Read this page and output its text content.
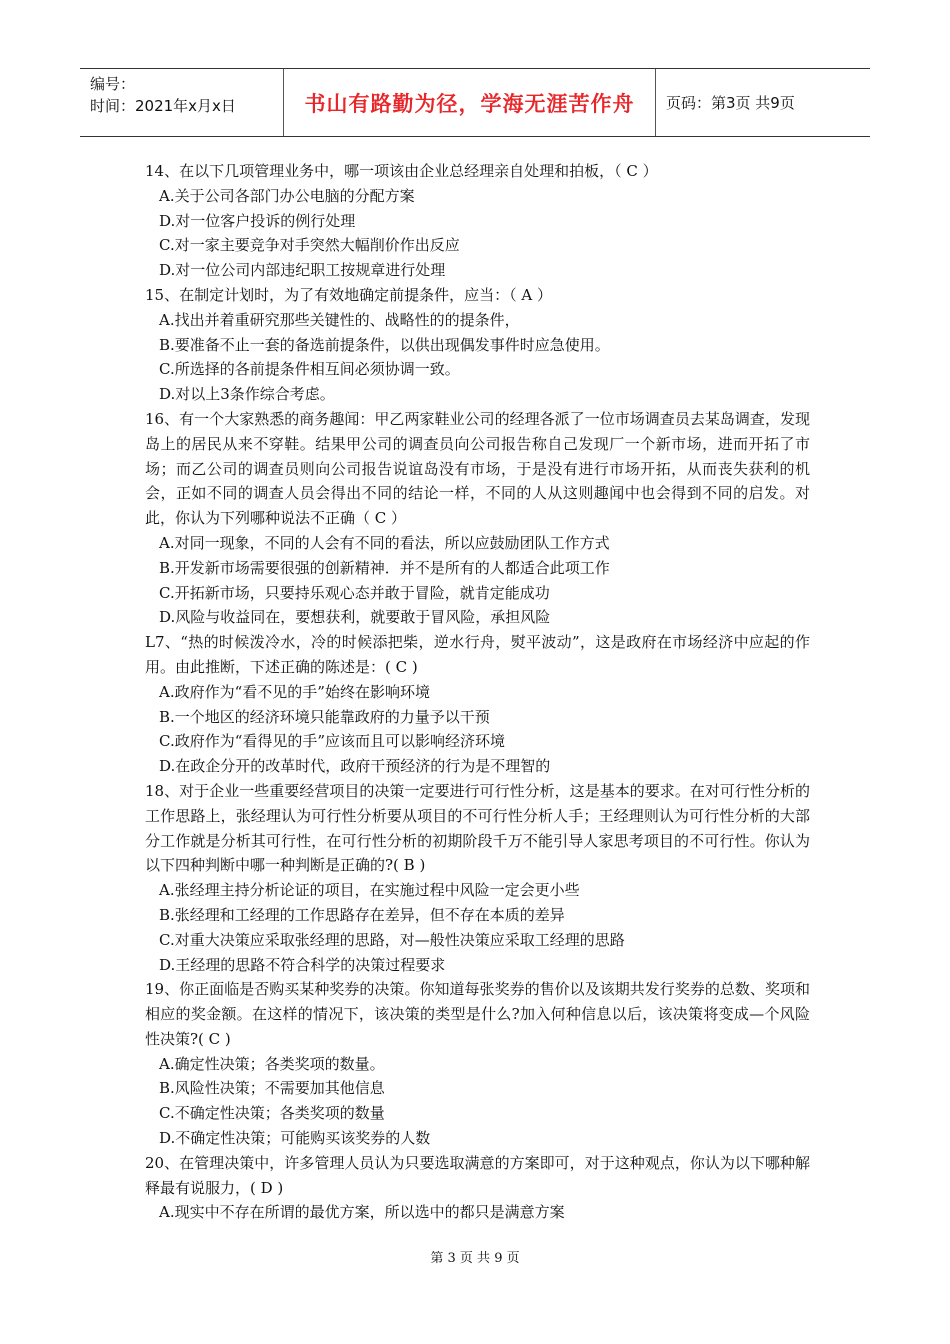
编号：
时间：2021年x月x日	书山有路勤为径，学海无涯苦作舟	页码：第3页 共9页

14、在以下几项管理业务中，哪一项该由企业总经理亲自处理和拍板，（ C ）

A.关于公司各部门办公电脑的分配方案

D.对一位客户投诉的例行处理

C.对一家主要竞争对手突然大幅削价作出反应

D.对一位公司内部违纪职工按规章进行处理

15、在制定计划时，为了有效地确定前提条件，应当：（ A ）

A.找出并着重研究那些关键性的、战略性的的提条件，

B.要准备不止一套的备选前提条件，以供出现偶发事件时应急使用。

C.所选择的各前提条件相互间必须协调一致。

D.对以上3条作综合考虑。

16、有一个大家熟悉的商务趣闻：甲乙两家鞋业公司的经理各派了一位市场调查员去某岛调查，发现岛上的居民从来不穿鞋。结果甲公司的调查员向公司报告称自己发现厂一个新市场，进而开拓了市场；而乙公司的调查员则向公司报告说谊岛没有市场，于是没有进行市场开拓，从而丧失获利的机会，正如不同的调查人员会得出不同的结论一样，不同的人从这则趣闻中也会得到不同的启发。对此，你认为下列哪种说法不正确（ C ）

A.对同一现象，不同的人会有不同的看法，所以应鼓励团队工作方式

B.开发新市场需要很强的创新精神．并不是所有的人都适合此项工作

C.开拓新市场，只要持乐观心态并敢于冒险，就肯定能成功

D.风险与收益同在，要想获利，就要敢于冒风险，承担风险

L7、“热的时候泼冷水，冷的时候添把柴，逆水行舟，熨平波动”，这是政府在市场经济中应起的作用。由此推断，下述正确的陈述是：( C )

A.政府作为“看不见的手”始终在影响环境

B.一个地区的经济环境只能靠政府的力量予以干预

C.政府作为“看得见的手”应该而且可以影响经济环境

D.在政企分开的改革时代，政府干预经济的行为是不理智的

18、对于企业一些重要经营项目的决策一定要进行可行性分析，这是基本的要求。在对可行性分析的工作思路上，张经理认为可行性分析要从项目的不可行性分析人手；王经理则认为可行性分析的大部分工作就是分析其可行性，在可行性分析的初期阶段千万不能引导人家思考项目的不可行性。你认为以下四种判断中哪一种判断是正确的?( B )

A.张经理主持分析论证的项目，在实施过程中风险一定会更小些

B.张经理和工经理的工作思路存在差异，但不存在本质的差异

C.对重大决策应采取张经理的思路，对—般性决策应采取工经理的思路

D.王经理的思路不符合科学的决策过程要求

19、你正面临是否购买某种奖券的决策。你知道每张奖券的售价以及该期共发行奖券的总数、奖项和相应的奖金额。在这样的情况下，该决策的类型是什么?加入何种信息以后，该决策将变成—个风险性决策?( C )

A.确定性决策；各类奖项的数量。

B.风险性决策；不需要加其他信息

C.不确定性决策；各类奖项的数量

D.不确定性决策；可能购买该奖券的人数

20、在管理决策中，许多管理人员认为只要选取满意的方案即可，对于这种观点，你认为以下哪种解释最有说服力，( D )

A.现实中不存在所谓的最优方案，所以选中的都只是满意方案

第 3 页 共 9 页
